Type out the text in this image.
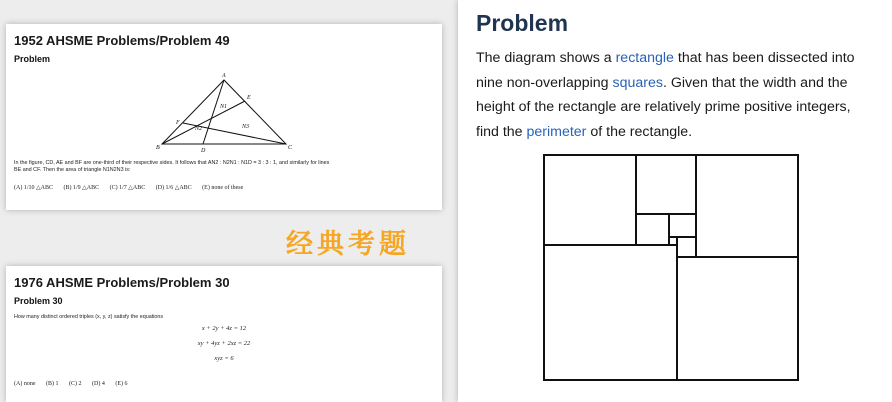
1952 AHSME Problems/Problem 49
Problem
A
B	C
D
E
F
N1
N2	N3
In the figure, CD, AE and BF are one-third of their respective sides. It follows that AN2 : N2N1 : N1D = 3 : 3 : 1, and similarly for lines
BE and CF. Then the area of triangle N1N2N3 is:
(A) 1/10 △ABC (B) 1/9 △ABC (C) 1/7 △ABC (D) 1/6 △ABC (E) none of these
1976 AHSME Problems/Problem 30
Problem 30
How many distinct ordered triples (x, y, z) satisfy the equations
x + 2y + 4z = 12
xy + 4yz + 2xz = 22
xyz = 6
(A) none (B) 1 (C) 2 (D) 4 (E) 6
经典考题
Problem
The diagram shows a rectangle that has been dissected into nine non-overlapping squares. Given that the width and the height of the rectangle are relatively prime positive integers, find the perimeter of the rectangle.
